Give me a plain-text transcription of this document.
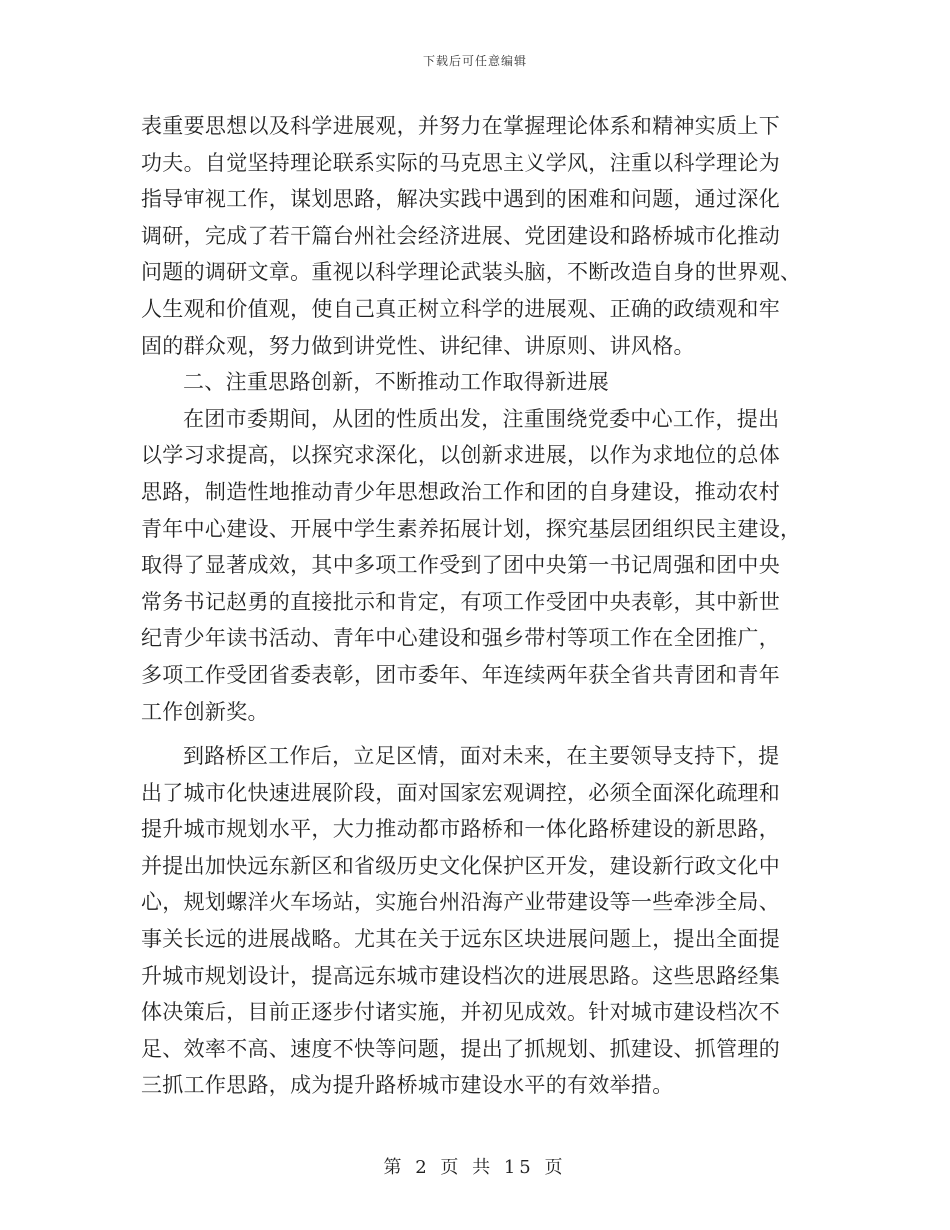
下载后可任意编辑
表重要思想以及科学进展观，并努力在掌握理论体系和精神实质上下
功夫。自觉坚持理论联系实际的马克思主义学风，注重以科学理论为
指导审视工作，谋划思路，解决实践中遇到的困难和问题，通过深化
调研，完成了若干篇台州社会经济进展、党团建设和路桥城市化推动
问题的调研文章。重视以科学理论武装头脑，不断改造自身的世界观、
人生观和价值观，使自己真正树立科学的进展观、正确的政绩观和牢
固的群众观，努力做到讲党性、讲纪律、讲原则、讲风格。
二、注重思路创新，不断推动工作取得新进展
在团市委期间，从团的性质出发，注重围绕党委中心工作，提出
以学习求提高，以探究求深化，以创新求进展，以作为求地位的总体
思路，制造性地推动青少年思想政治工作和团的自身建设，推动农村
青年中心建设、开展中学生素养拓展计划，探究基层团组织民主建设，
取得了显著成效，其中多项工作受到了团中央第一书记周强和团中央
常务书记赵勇的直接批示和肯定，有项工作受团中央表彰，其中新世
纪青少年读书活动、青年中心建设和强乡带村等项工作在全团推广，
多项工作受团省委表彰，团市委年、年连续两年获全省共青团和青年
工作创新奖。
到路桥区工作后，立足区情，面对未来，在主要领导支持下，提
出了城市化快速进展阶段，面对国家宏观调控，必须全面深化疏理和
提升城市规划水平，大力推动都市路桥和一体化路桥建设的新思路，
并提出加快远东新区和省级历史文化保护区开发，建设新行政文化中
心，规划螺洋火车场站，实施台州沿海产业带建设等一些牵涉全局、
事关长远的进展战略。尤其在关于远东区块进展问题上，提出全面提
升城市规划设计，提高远东城市建设档次的进展思路。这些思路经集
体决策后，目前正逐步付诸实施，并初见成效。针对城市建设档次不
足、效率不高、速度不快等问题，提出了抓规划、抓建设、抓管理的
三抓工作思路，成为提升路桥城市建设水平的有效举措。
第 2 页 共 15 页
